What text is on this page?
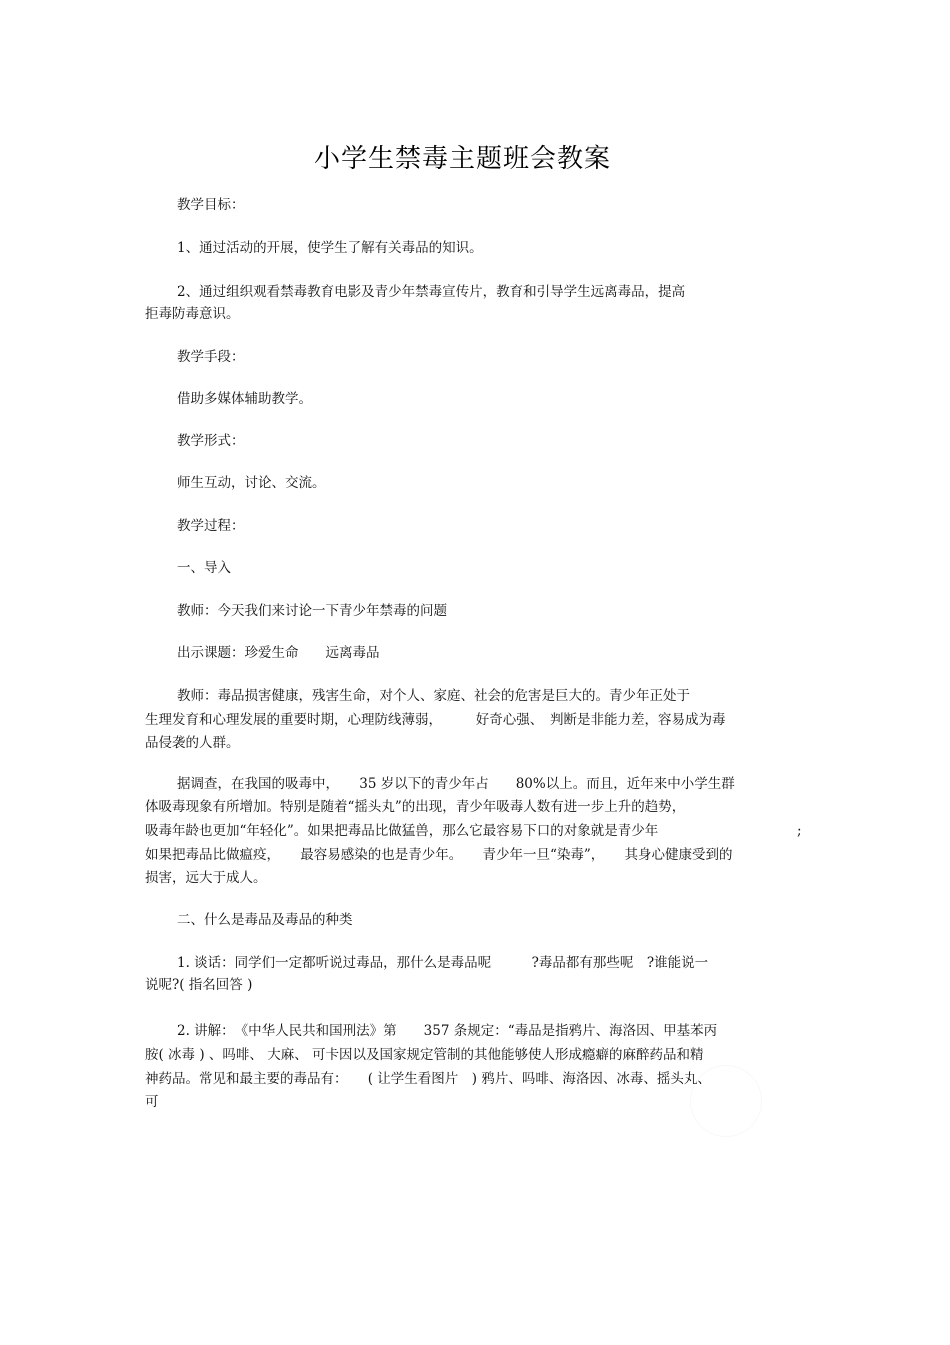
小学生禁毒主题班会教案
教学目标：
1、通过活动的开展，使学生了解有关毒品的知识。
2、通过组织观看禁毒教育电影及青少年禁毒宣传片，教育和引导学生远离毒品，提高
拒毒防毒意识。
教学手段：
借助多媒体辅助教学。
教学形式：
师生互动，讨论、交流。
教学过程：
一、导入
教师：今天我们来讨论一下青少年禁毒的问题
出示课题：珍爱生命　　远离毒品
教师：毒品损害健康，残害生命，对个人、家庭、社会的危害是巨大的。青少年正处于
生理发育和心理发展的重要时期，心理防线薄弱，　　　好奇心强、　判断是非能力差，容易成为毒
品侵袭的人群。
据调查，在我国的吸毒中，　　35 岁以下的青少年占　　80%以上。而且，近年来中小学生群
体吸毒现象有所增加。特别是随着“摇头丸”的出现，青少年吸毒人数有进一步上升的趋势，
吸毒年龄也更加“年轻化”。如果把毒品比做猛兽，那么它最容易下口的对象就是青少年	;
如果把毒品比做瘟疫，　　最容易感染的也是青少年。　　青少年一旦“染毒”，　　其身心健康受到的
损害，远大于成人。
二、什么是毒品及毒品的种类
1. 谈话：同学们一定都听说过毒品，那什么是毒品呢　　　?毒品都有那些呢　?谁能说一
说呢?( 指名回答 )
2. 讲解：　《中华人民共和国刑法》第　　357 条规定：“毒品是指鸦片、海洛因、甲基苯丙
胺( 冰毒 ) 、吗啡、 大麻、 可卡因以及国家规定管制的其他能够使人形成瘾癖的麻醉药品和精
神药品。常见和最主要的毒品有：　　( 让学生看图片　) 鸦片、吗啡、海洛因、冰毒、摇头丸、
可
